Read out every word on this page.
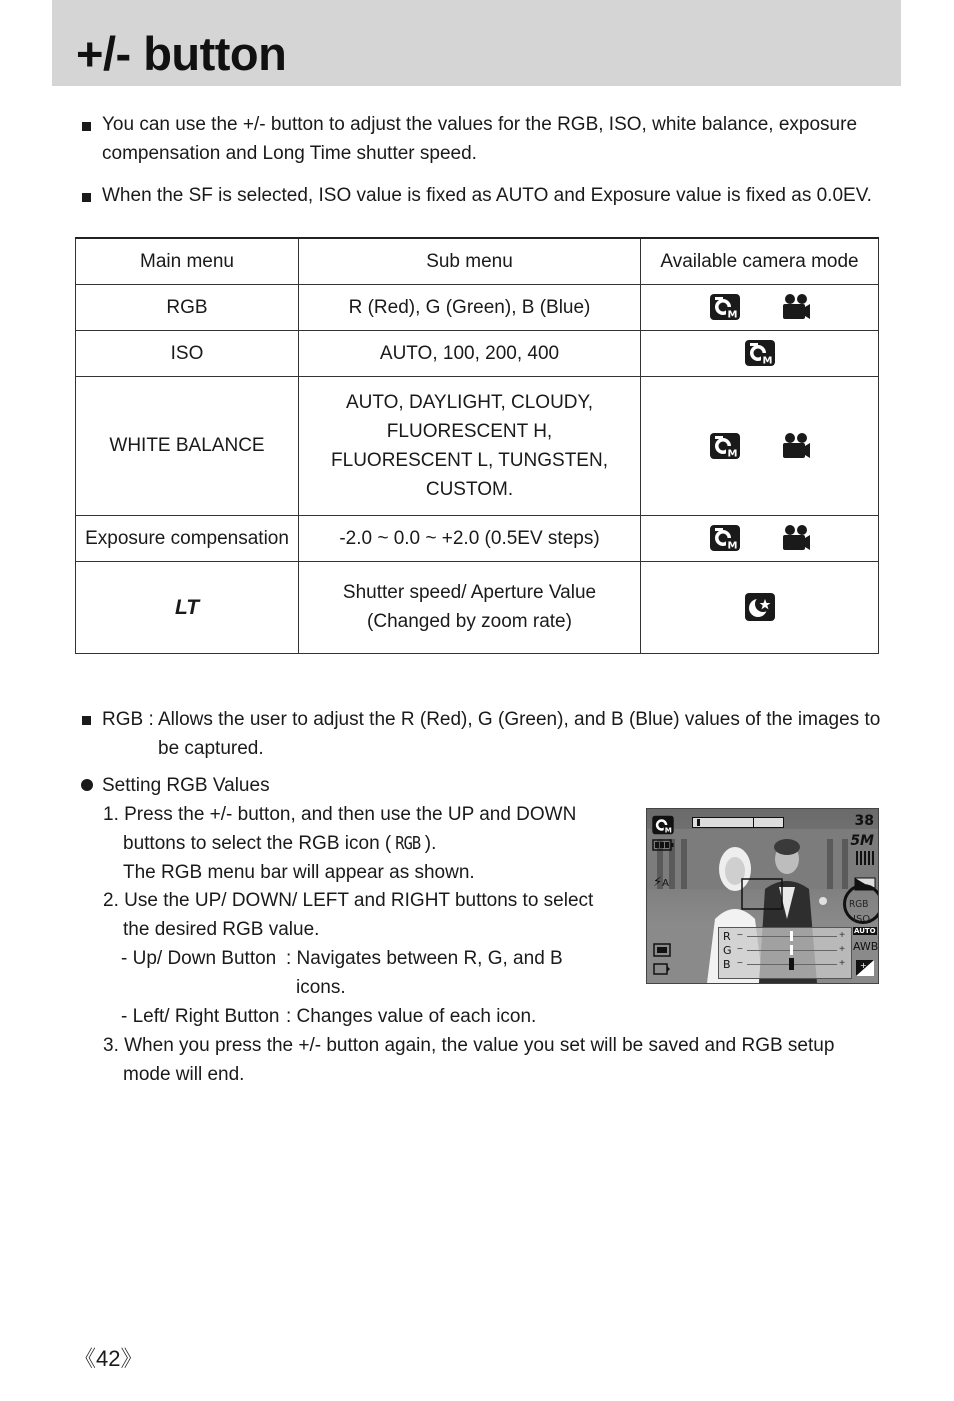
+/- button
You can use the +/- button to adjust the values for the RGB, ISO, white balance, exposure
compensation and Long Time shutter speed.
When the SF is selected, ISO value is fixed as AUTO and Exposure value is fixed as 0.0EV.
Main menu	Sub menu	Available camera mode
RGB	R (Red), G (Green), B (Blue)	M

ISO	AUTO, 100, 200, 400	M

WHITE BALANCE	AUTO, DAYLIGHT, CLOUDY,
FLUORESCENT H,
FLUORESCENT L, TUNGSTEN,
CUSTOM.	M

Exposure compensation	-2.0 ~ 0.0 ~ +2.0 (0.5EV steps)	M

LT	Shutter speed/ Aperture Value
(Changed by zoom rate)

RGB : Allows the user to adjust the R (Red), G (Green), and B (Blue) values of the images to
be captured.
Setting RGB Values
1. Press the +/- button, and then use the UP and DOWN
buttons to select the RGB icon ( RGB ).
The RGB menu bar will appear as shown.
2. Use the UP/ DOWN/ LEFT and RIGHT buttons to select
the desired RGB value.
- Up/ Down Button : Navigates between R, G, and B
icons.
- Left/ Right Button : Changes value of each icon.
3. When you press the +/- button again, the value you set will be saved and RGB setup
mode will end.
M
38
5M
⚡A
RGB
ISO
AUTO
AWB
+
R
G
B
−
−
−
+
+
+
《42》
